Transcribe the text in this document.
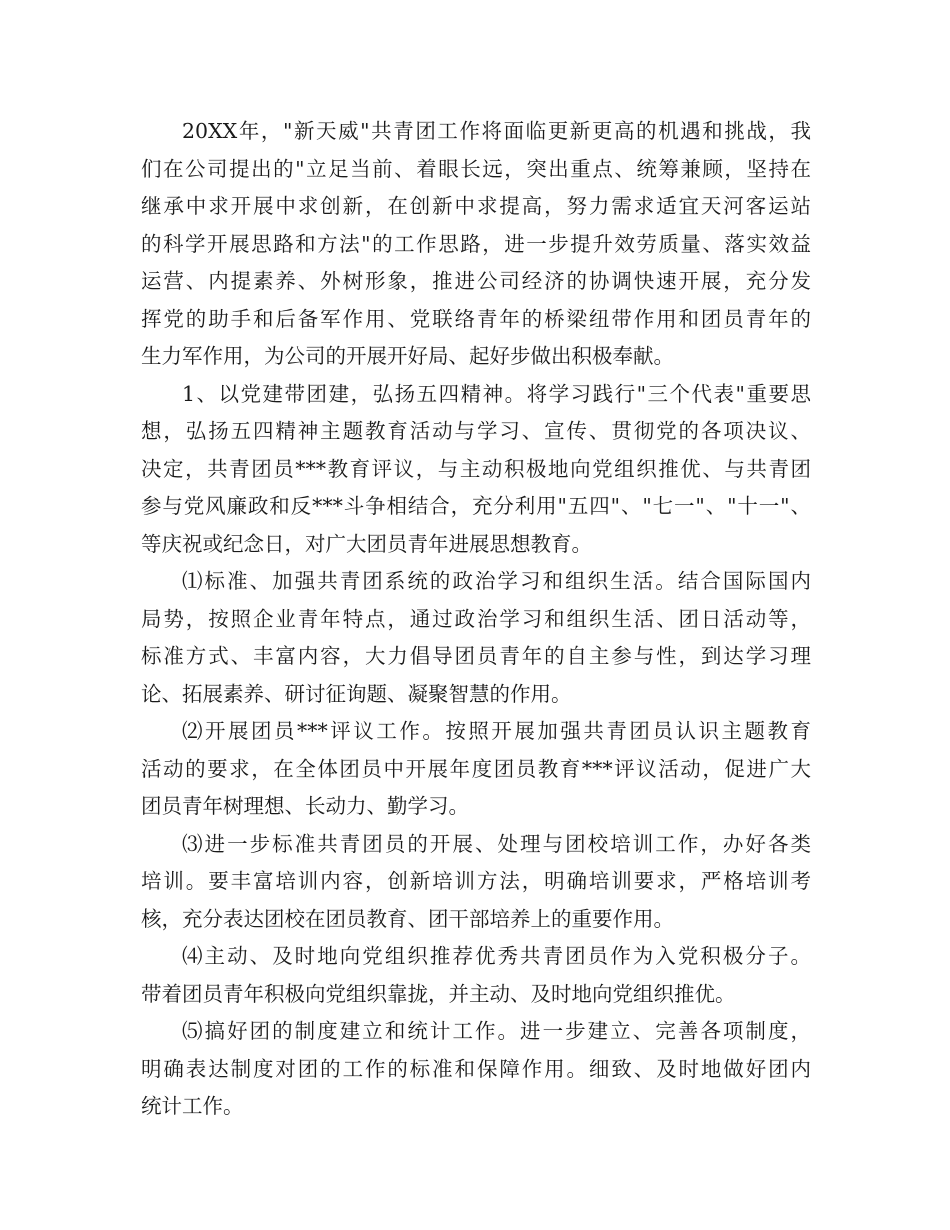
20XX年，"新天威"共青团工作将面临更新更高的机遇和挑战，我
们在公司提出的"立足当前、着眼长远，突出重点、统筹兼顾，坚持在
继承中求开展中求创新，在创新中求提高，努力需求适宜天河客运站
的科学开展思路和方法"的工作思路，进一步提升效劳质量、落实效益
运营、内提素养、外树形象，推进公司经济的协调快速开展，充分发
挥党的助手和后备军作用、党联络青年的桥梁纽带作用和团员青年的
生力军作用，为公司的开展开好局、起好步做出积极奉献。
1、以党建带团建，弘扬五四精神。将学习践行"三个代表"重要思
想，弘扬五四精神主题教育活动与学习、宣传、贯彻党的各项决议、
决定，共青团员***教育评议，与主动积极地向党组织推优、与共青团
参与党风廉政和反***斗争相结合，充分利用"五四"、"七一"、"十一"、
等庆祝或纪念日，对广大团员青年进展思想教育。
⑴标准、加强共青团系统的政治学习和组织生活。结合国际国内
局势，按照企业青年特点，通过政治学习和组织生活、团日活动等，
标准方式、丰富内容，大力倡导团员青年的自主参与性，到达学习理
论、拓展素养、研讨征询题、凝聚智慧的作用。
⑵开展团员***评议工作。按照开展加强共青团员认识主题教育
活动的要求，在全体团员中开展年度团员教育***评议活动，促进广大
团员青年树理想、长动力、勤学习。
⑶进一步标准共青团员的开展、处理与团校培训工作，办好各类
培训。要丰富培训内容，创新培训方法，明确培训要求，严格培训考
核，充分表达团校在团员教育、团干部培养上的重要作用。
⑷主动、及时地向党组织推荐优秀共青团员作为入党积极分子。
带着团员青年积极向党组织靠拢，并主动、及时地向党组织推优。
⑸搞好团的制度建立和统计工作。进一步建立、完善各项制度，
明确表达制度对团的工作的标准和保障作用。细致、及时地做好团内
统计工作。
